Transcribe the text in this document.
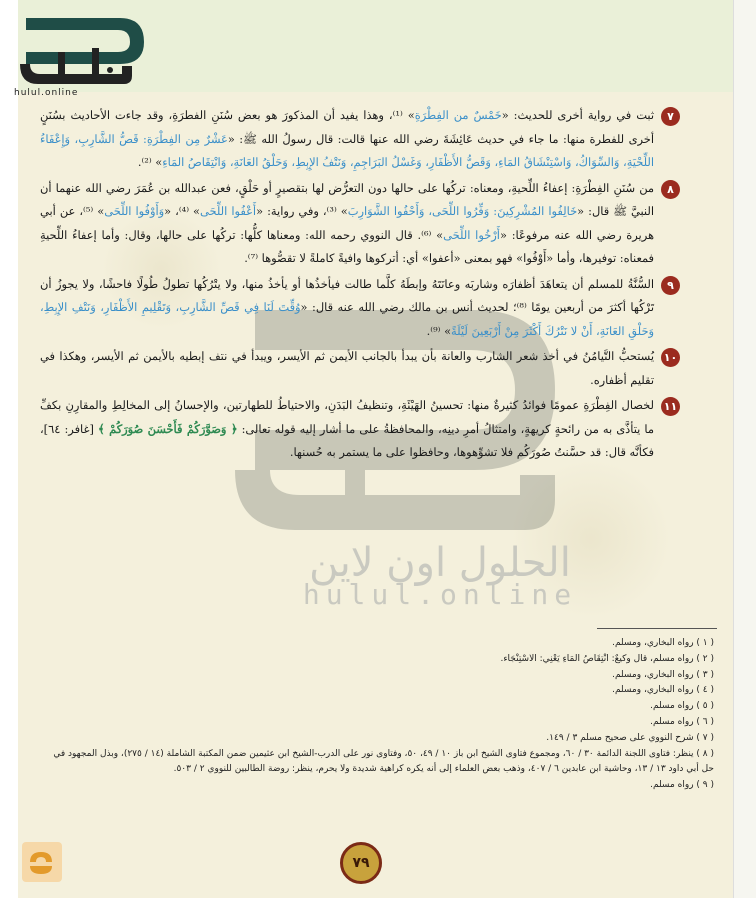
hulul.online
الحلول اون لاين
hulul.online
٧
ثبت في رواية أخرى للحديث: «خَمْسٌ من الفِطْرَةِ» ⁽¹⁾، وهذا يفيد أن المذكورَ هو بعض سُنَنِ الفطرَةِ، وقد جاءت الأحاديث بسُنَنٍ أخرى للفطرة منها: ما جاء في حديث عَائِشَةَ رضي الله عنها قالت: قال رسولُ الله ﷺ: «عَشْرٌ مِن الفِطْرَةِ: قَصُّ الشَّارِبِ، وَإِعْفَاءُ اللِّحْيَةِ، وَالسِّوَاكُ، وَاسْتِنْشَاقُ المَاءِ، وَقَصُّ الأَظْفَارِ، وَغَسْلُ البَرَاجِمِ، وَنَتْفُ الإِبِطِ، وَحَلْقُ العَانَةِ، وَانْتِقَاصُ المَاءِ» ⁽²⁾.
٨
من سُنَنِ الفِطْرَةِ: إعفاءُ اللِّحيةِ، ومعناه: تركُها على حالها دون التعرُّض لها بتقصيرٍ أو حَلْقٍ، فعن عبدالله بن عُمَرَ رضي الله عنهما أن النبيَّ ﷺ قال: «خَالِفُوا المُشْرِكِينَ: وَفِّرُوا اللِّحَى، وَأَحْفُوا الشَّوَارِبَ» ⁽³⁾، وفي رواية: «أَعْفُوا اللِّحَى» ⁽⁴⁾، «وَأَوْفُوا اللِّحَى» ⁽⁵⁾، عن أبي هريرة رضي الله عنه مرفوعًا: «أَرْخُوا اللِّحَى» ⁽⁶⁾. قال النووي رحمه الله: ومعناها كلُّها: تركُها على حالها، وقال: وأما إعفاءُ اللِّحيةِ فمعناه: توفيرها، وأما «أَوْفُوا» فهو بمعنى «أعفوا» أي: أتركوها وافيةً كاملةً لا تقصُّوها ⁽⁷⁾.
٩
السُّنَّةُ للمسلم أن يتعاهَدَ أظفارَه وشاربَه وعانَتَهُ وإبطَهُ كلَّما طالت فيأخذُها أو يأخذُ منها، ولا يتْرُكُها تطولُ طُولًا فاحشًا، ولا يجوزُ أن تَرْكُها أكثرَ من أربعين يومًا ⁽⁸⁾؛ لحديث أنس بن مالك رضي الله عنه قال: «وُقِّتَ لَنَا فِي قَصِّ الشَّارِبِ، وَتَقْلِيمِ الأَظْفَارِ، وَنَتْفِ الإِبِطِ، وَحَلْقِ العَانَةِ، أَنْ لا نَتْرُكَ أَكْثَرَ مِنْ أَرْبَعِينَ لَيْلَةً» ⁽⁹⁾.
١٠
يُستحبُّ التَّيامُنُ في أخذ شعر الشارب والعانة بأن يبدأ بالجانب الأيمن ثم الأيسر، ويبدأ في نتف إبطيه بالأيمن ثم الأيسر، وهكذا في تقليم أظفاره.
١١
لخصال الفِطْرَةِ عمومًا فوائدُ كثيرةٌ منها: تحسينُ الهَيْئَةِ، وتنظيفُ البَدَنِ، والاحتياطُ للطهارتين، والإحسانُ إلى المخالِطِ والمقارِنِ بكفِّ ما يتأذَّى به من رائحةٍ كريهةٍ، وامتثالُ أمرِ دينِه، والمحافظةُ على ما أشار إليه قوله تعالى: ﴿ وَصَوَّرَكُمْ فَأَحْسَنَ صُوَرَكُمْ ﴾ [غافر: ٦٤]، فكأنَّه قال: قد حسَّنتُ صُورَكُم فلا تشوِّهوها، وحافظوا على ما يستمر به حُسنها.
( ١ ) رواه البخاري، ومسلم.
( ٢ ) رواه مسلم، قال وكيعٌ: انْتِقَاصُ المَاءِ يَعْنِي: الاسْتِنْجَاء.
( ٣ ) رواه البخاري، ومسلم.
( ٤ ) رواه البخاري، ومسلم.
( ٥ ) رواه مسلم.
( ٦ ) رواه مسلم.
( ٧ ) شرح النووي على صحيح مسلم ٣ / ١٤٩.
( ٨ ) ينظر: فتاوى اللجنة الدائمة ٣٠ / ٦٠، ومجموع فتاوى الشيخ ابن باز ١٠ / ٤٩، ٥٠، وفتاوى نور على الدرب-الشيخ ابن عثيمين ضمن المكتبة الشاملة (١٤ / ٢٧٥)، وبذل المجهود في حل أبي داود ١٣ / ١٣، وحاشية ابن عابدين ٦ / ٤٠٧، وذهب بعض العلماء إلى أنه يكره كراهية شديدة ولا يحرم، ينظر: روضة الطالبين للنووي ٢ / ٥٠٣.
( ٩ ) رواه مسلم.
٧٩
